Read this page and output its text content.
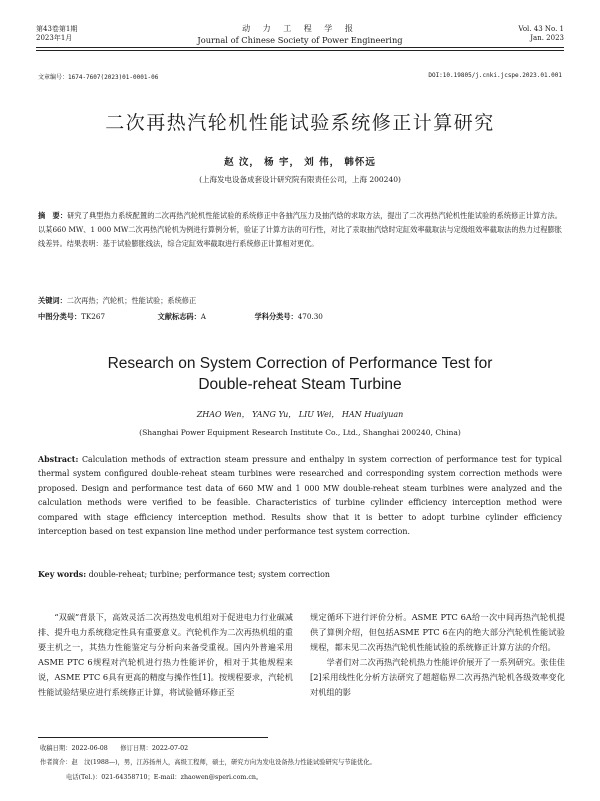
第43卷第1期
2023年1月
动 力 工 程 学 报
Journal of Chinese Society of Power Engineering
Vol. 43 No. 1
Jan. 2023
文章编号：1674-7607(2023)01-0001-06	DOI:10.19805/j.cnki.jcspe.2023.01.001
二次再热汽轮机性能试验系统修正计算研究
赵 汶， 杨 宇， 刘 伟， 韩怀远
(上海发电设备成套设计研究院有限责任公司，上海 200240)
摘　要：研究了典型热力系统配置的二次再热汽轮机性能试验的系统修正中各抽汽压力及抽汽焓的求取方法，提出了二次再热汽轮机性能试验的系统修正计算方法。以某660 MW、1 000 MW二次再热汽轮机为例进行算例分析，验证了计算方法的可行性，对比了汞取抽汽焓时定缸效率截取法与定级组效率截取法的热力过程膨胀线差异。结果表明：基于试验膨胀线法，综合定缸效率截取进行系统修正计算相对更优。
关键词：二次再热；汽轮机；性能试验；系统修正
中图分类号：TK267	文献标志码：A	学科分类号：470.30
Research on System Correction of Performance Test for
Double-reheat Steam Turbine
ZHAO Wen， YANG Yu， LIU Wei， HAN Huaiyuan
(Shanghai Power Equipment Research Institute Co., Ltd., Shanghai 200240, China)
Abstract: Calculation methods of extraction steam pressure and enthalpy in system correction of performance test for typical thermal system configured double-reheat steam turbines were researched and corresponding system correction methods were proposed. Design and performance test data of 660 MW and 1 000 MW double-reheat steam turbines were analyzed and the calculation methods were verified to be feasible. Characteristics of turbine cylinder efficiency interception method were compared with stage efficiency interception method. Results show that it is better to adopt turbine cylinder efficiency interception based on test expansion line method under performance test system correction.
Key words: double-reheat; turbine; performance test; system correction
“双碳”背景下，高效灵活二次再热发电机组对于促进电力行业碳减排、提升电力系统稳定性具有重要意义。汽轮机作为二次再热机组的重要主机之一，其热力性能鉴定与分析向来备受重视。国内外普遍采用ASME PTC 6规程对汽轮机进行热力性能评价，相对于其他规程来说，ASME PTC 6具有更高的精度与操作性[1]。按规程要求，汽轮机性能试验结果应进行系统修正计算，将试验循环修正至
规定循环下进行评价分析。ASME PTC 6A给一次中间再热汽轮机提供了算例介绍，但包括ASME PTC 6在内的绝大部分汽轮机性能试验规程，都未见二次再热汽轮机性能试验的系统修正计算方法的介绍。
　　学者们对二次再热汽轮机热力性能评价展开了一系列研究。张佳佳[2]采用线性化分析方法研究了超超临界二次再热汽轮机各级效率变化对机组的影
收稿日期：2022-06-08　　修订日期：2022-07-02
作者简介：赵　汶(1988—)，男，江苏扬州人，高级工程师，硕士，研究方向为发电设备热力性能试验研究与节能优化。
电话(Tel.)：021-64358710；E-mail：zhaowen@speri.com.cn。
